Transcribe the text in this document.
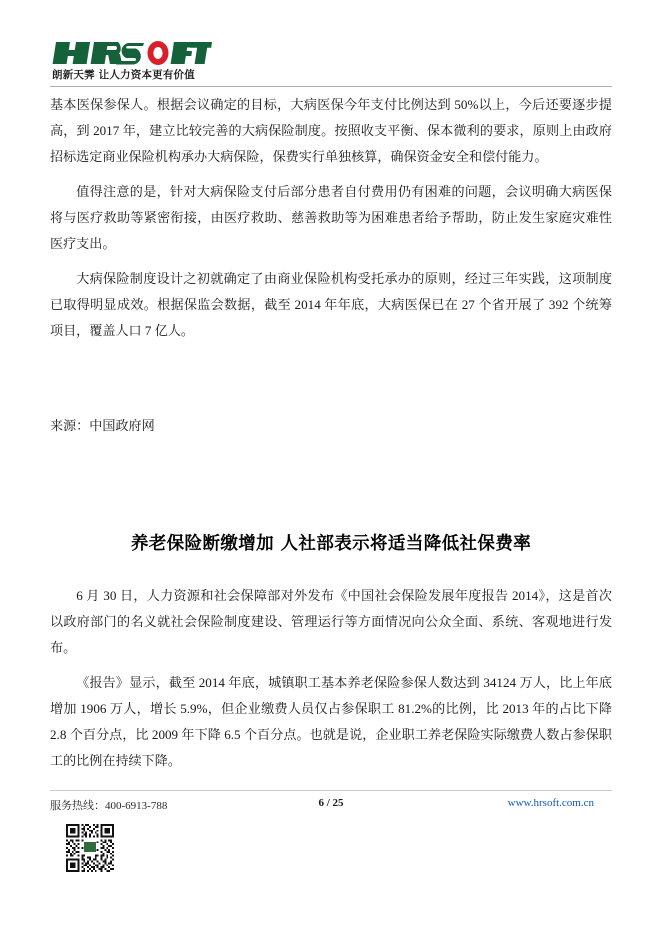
朗新天霁 让人力资本更有价值

基本医保参保人。根据会议确定的目标，大病医保今年支付比例达到 50%以上，今后还要逐步提高，到 2017 年，建立比较完善的大病保险制度。按照收支平衡、保本微利的要求，原则上由政府招标选定商业保险机构承办大病保险，保费实行单独核算，确保资金安全和偿付能力。

值得注意的是，针对大病保险支付后部分患者自付费用仍有困难的问题，会议明确大病医保将与医疗救助等紧密衔接，由医疗救助、慈善救助等为困难患者给予帮助，防止发生家庭灾难性医疗支出。

大病保险制度设计之初就确定了由商业保险机构受托承办的原则，经过三年实践，这项制度已取得明显成效。根据保监会数据，截至 2014 年年底，大病医保已在 27 个省开展了 392 个统筹项目，覆盖人口 7 亿人。

来源：中国政府网

养老保险断缴增加 人社部表示将适当降低社保费率

6 月 30 日，人力资源和社会保障部对外发布《中国社会保险发展年度报告 2014》，这是首次以政府部门的名义就社会保险制度建设、管理运行等方面情况向公众全面、系统、客观地进行发布。

《报告》显示，截至 2014 年底，城镇职工基本养老保险参保人数达到 34124 万人，比上年底增加 1906 万人，增长 5.9%，但企业缴费人员仅占参保职工 81.2%的比例，比 2013 年的占比下降 2.8 个百分点，比 2009 年下降 6.5 个百分点。也就是说，企业职工养老保险实际缴费人数占参保职工的比例在持续下降。

服务热线：400-6913-788	6 / 25	www.hrsoft.com.cn
